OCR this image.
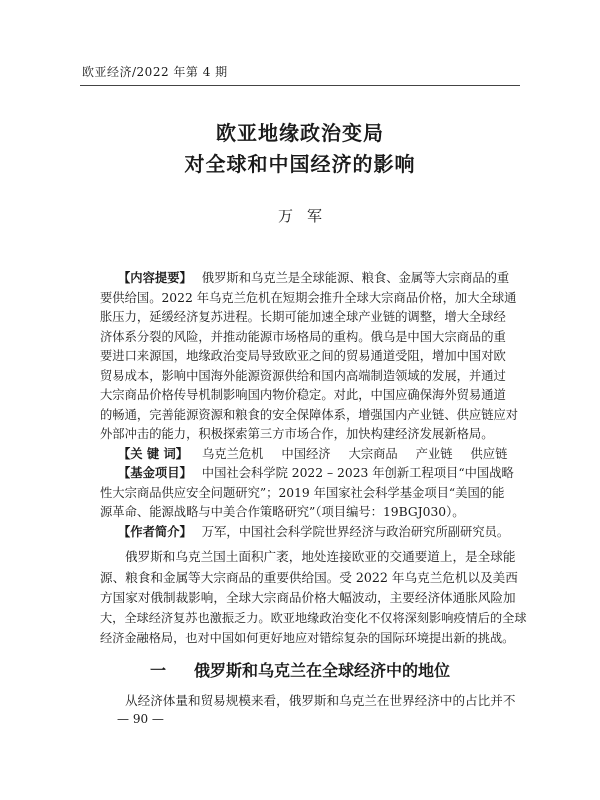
欧亚经济/2022 年第 4 期
欧亚地缘政治变局
对全球和中国经济的影响
万军
【内容提要】 俄罗斯和乌克兰是全球能源、粮食、金属等大宗商品的重
要供给国。2022 年乌克兰危机在短期会推升全球大宗商品价格，加大全球通
胀压力，延缓经济复苏进程。长期可能加速全球产业链的调整，增大全球经
济体系分裂的风险，并推动能源市场格局的重构。俄乌是中国大宗商品的重
要进口来源国，地缘政治变局导致欧亚之间的贸易通道受阻，增加中国对欧
贸易成本，影响中国海外能源资源供给和国内高端制造领域的发展，并通过
大宗商品价格传导机制影响国内物价稳定。对此，中国应确保海外贸易通道
的畅通，完善能源资源和粮食的安全保障体系，增强国内产业链、供应链应对
外部冲击的能力，积极探索第三方市场合作，加快构建经济发展新格局。
【关 键 词】 乌克兰危机 中国经济 大宗商品 产业链 供应链
【基金项目】 中国社会科学院 2022 – 2023 年创新工程项目“中国战略
性大宗商品供应安全问题研究”；2019 年国家社会科学基金项目“美国的能
源革命、能源战略与中美合作策略研究”（项目编号：19BGJ030）。
【作者简介】 万军，中国社会科学院世界经济与政治研究所副研究员。
俄罗斯和乌克兰国土面积广袤，地处连接欧亚的交通要道上，是全球能
源、粮食和金属等大宗商品的重要供给国。受 2022 年乌克兰危机以及美西
方国家对俄制裁影响，全球大宗商品价格大幅波动，主要经济体通胀风险加
大，全球经济复苏也激振乏力。欧亚地缘政治变化不仅将深刻影响疫情后的全球
经济金融格局，也对中国如何更好地应对错综复杂的国际环境提出新的挑战。
一 俄罗斯和乌克兰在全球经济中的地位
从经济体量和贸易规模来看，俄罗斯和乌克兰在世界经济中的占比并不
— 90 —
